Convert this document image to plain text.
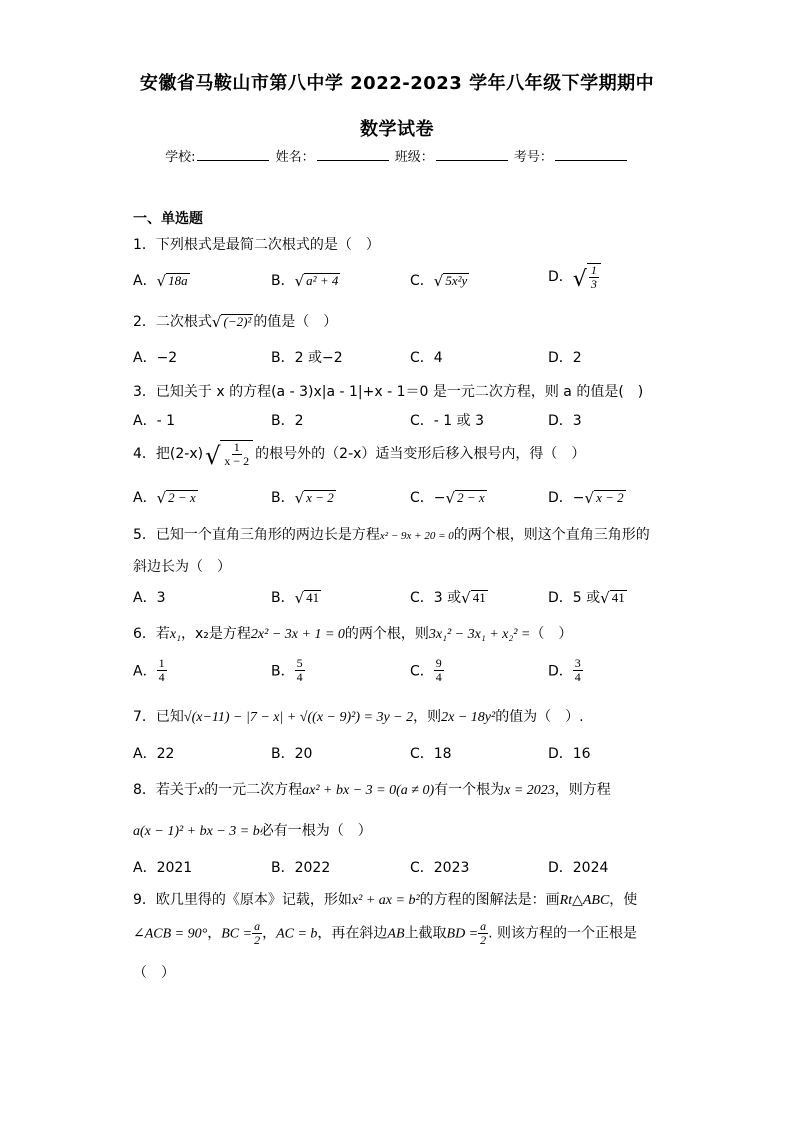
安徽省马鞍山市第八中学 2022-2023 学年八年级下学期期中
数学试卷
学校:	姓名：	班级：	考号：
一、单选题
1．下列根式是最简二次根式的是（　）
A． √ 18a	B． √ a² + 4	C． √ 5x²y	D． √ $\frac{1}{3}$
2．二次根式 √ (−2)² 的值是（　）
A．−2	B．2 或−2	C．4	D．2
3．已知关于 x 的方程(a - 3)x|a - 1|+x - 1＝0 是一元二次方程，则 a 的值是(　)
A．- 1	B．2	C．- 1 或 3	D．3
4．把(2-x) √ $\frac{1}{x - 2}$ 的根号外的（2-x）适当变形后移入根号内，得（　）
A． √ 2 − x	B． √ x − 2	C．− √ 2 − x	D．− √ x − 2
5．已知一个直角三角形的两边长是方程x² − 9x + 20 = 0的两个根，则这个直角三角形的
斜边长为（　）
A．3	B． √ 41	C．3 或 √ 41	D．5 或 √ 41
6．若x₁，x₂是方程2x² − 3x + 1 = 0的两个根，则3x₁² − 3x₁ + x₂² =（　）
A． $\frac{1}{4}$	B． $\frac{5}{4}$	C． $\frac{9}{4}$	D． $\frac{3}{4}$
7．已知√(x−11) − |7 − x| + √((x − 9)²) = 3y − 2，则2x − 18y²的值为（　）.
A．22	B．20	C．18	D．16
8．若关于x的一元二次方程ax² + bx − 3 = 0(a ≠ 0)有一个根为x = 2023，则方程
a(x − 1)² + bx − 3 = b必有一根为（　）
A．2021	B．2022	C．2023	D．2024
9．欧几里得的《原本》记载，形如x² + ax = b²的方程的图解法是：画Rt△ABC，使
∠ACB = 90°，BC = $\frac{a}{2}$ ，AC = b，再在斜边AB上截取BD = $\frac{a}{2}$ . 则该方程的一个正根是
（　）
